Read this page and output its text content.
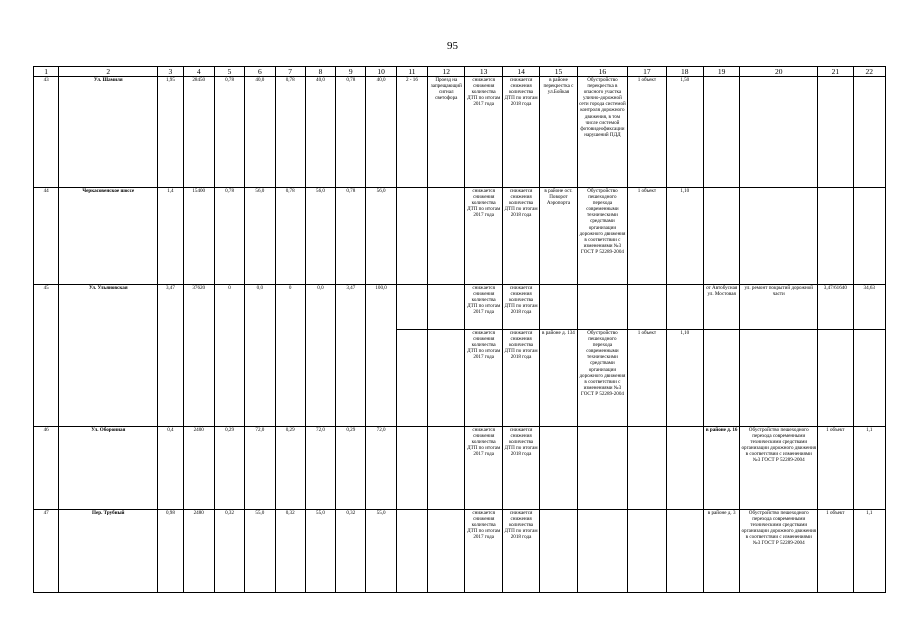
95
1	2	3	4	5	6	7	8	9	10	11	12	13	14	15	16	17	18	19	20	21	22
43	Ул. Шамиля	1,95	28450	0,78	40,0	0,78	40,0	0,78	40,0	2 - 16	Проезд на запрещающий сигнал светофора	снижается снижения количества ДТП по итогам 2017 года	снижается снижения количества ДТП по итогам 2018 года	в районе перекрестка с ул.Бойкая	Обустройство перекрестка в опасного участка улично-дорожной сети города системой контроля дорожного движения, в том числе системой фотовидеофиксации нарушений ПДД	1 объект	1,50				
44	Черкасовенское шоссе	1,4	15400	0,78	56,0	0,78	56,0	0,78	56,0			снижается снижения количества ДТП по итогам 2017 года	снижается снижения количества ДТП по итогам 2018 года	в районе ост. Поворот Аэропорта	Обустройство пешеходного перехода современными техническими средствами организации дорожного движения в соответствии с изменениями №3 ГОСТ Р 52289-2004	1 объект	1,10				
45	Ул. Ульяновская	3,47	37620	0	0,0	0	0,0	3,47	100,0			снижается снижения количества ДТП по итогам 2017 года	снижается снижения количества ДТП по итогам 2018 года					от Автобусная ул. Мостовая	ул. ремонт покрытий дорожной части	3,47/61640	34,63
												снижается снижения количества ДТП по итогам 2017 года	снижается снижения количества ДТП по итогам 2018 года	в районе д. 134	Обустройство пешеходного перехода современными техническими средствами организации дорожного движения в соответствии с изменениями №3 ГОСТ Р 52289-2004	1 объект	1,10				
46	Ул. Оборонная	0,4	2400	0,29	72,0	0,29	72,0	0,29	72,0			снижается снижения количества ДТП по итогам 2017 года	снижается снижения количества ДТП по итогам 2018 года					в районе д. 16	Обустройство пешеходного перехода современными техническими средствами организации дорожного движения в соответствии с изменениями №3 ГОСТ Р 52289-2004	1 объект	1,1
47	Пер. Трубный	0,98	2480	0,32	55,0	0,32	55,0	0,32	55,0			снижается снижения количества ДТП по итогам 2017 года	снижается снижения количества ДТП по итогам 2018 года					в районе д. 3	Обустройство пешеходного перехода современными техническими средствами организации дорожного движения в соответствии с изменениями №3 ГОСТ Р 52289-2004	1 объект	1,1
